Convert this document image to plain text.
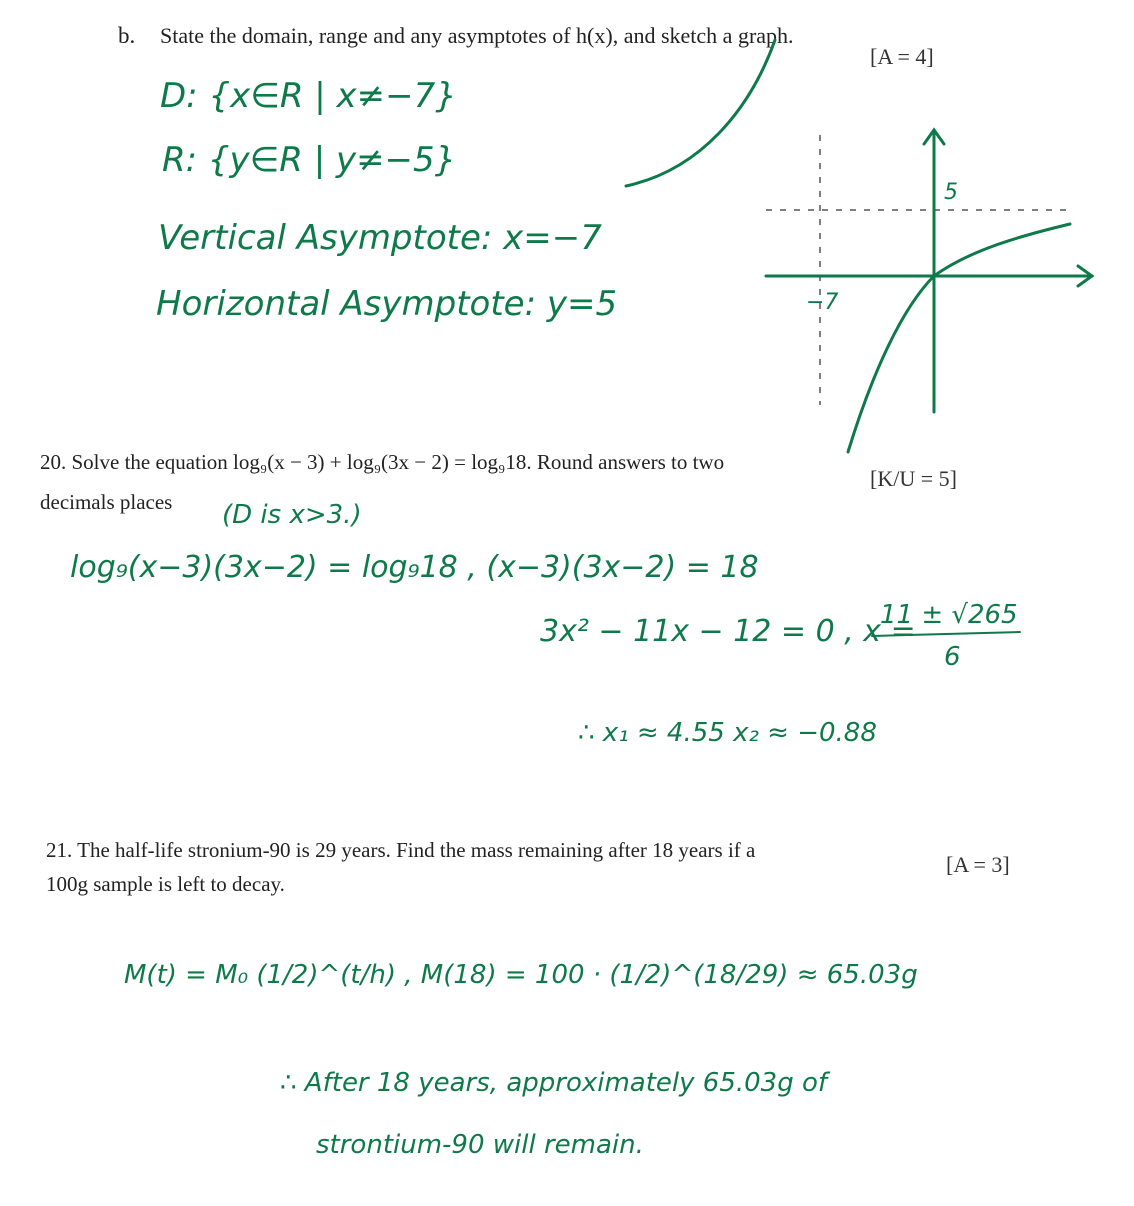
b. State the domain, range and any asymptotes of h(x), and sketch a graph.
[A = 4]
D: {x∈R | x≠−7}
R: {y∈R | y≠−5}
Vertical Asymptote: x=−7
Horizontal Asymptote: y=5
5
−7
20. Solve the equation log₉(x − 3) + log₉(3x − 2) = log₉18. Round answers to two
decimals places
[K/U = 5]
(D is x>3.)
log₉(x−3)(3x−2) = log₉18 , (x−3)(3x−2) = 18
3x² − 11x − 12 = 0 , x =
11 ± √265
6
∴ x₁ ≈ 4.55 x₂ ≈ −0.88
21. The half-life stronium-90 is 29 years. Find the mass remaining after 18 years if a
100g sample is left to decay.
[A = 3]
M(t) = M₀ (1/2)^(t/h) , M(18) = 100 · (1/2)^(18/29) ≈ 65.03g
∴ After 18 years, approximately 65.03g of
strontium-90 will remain.
